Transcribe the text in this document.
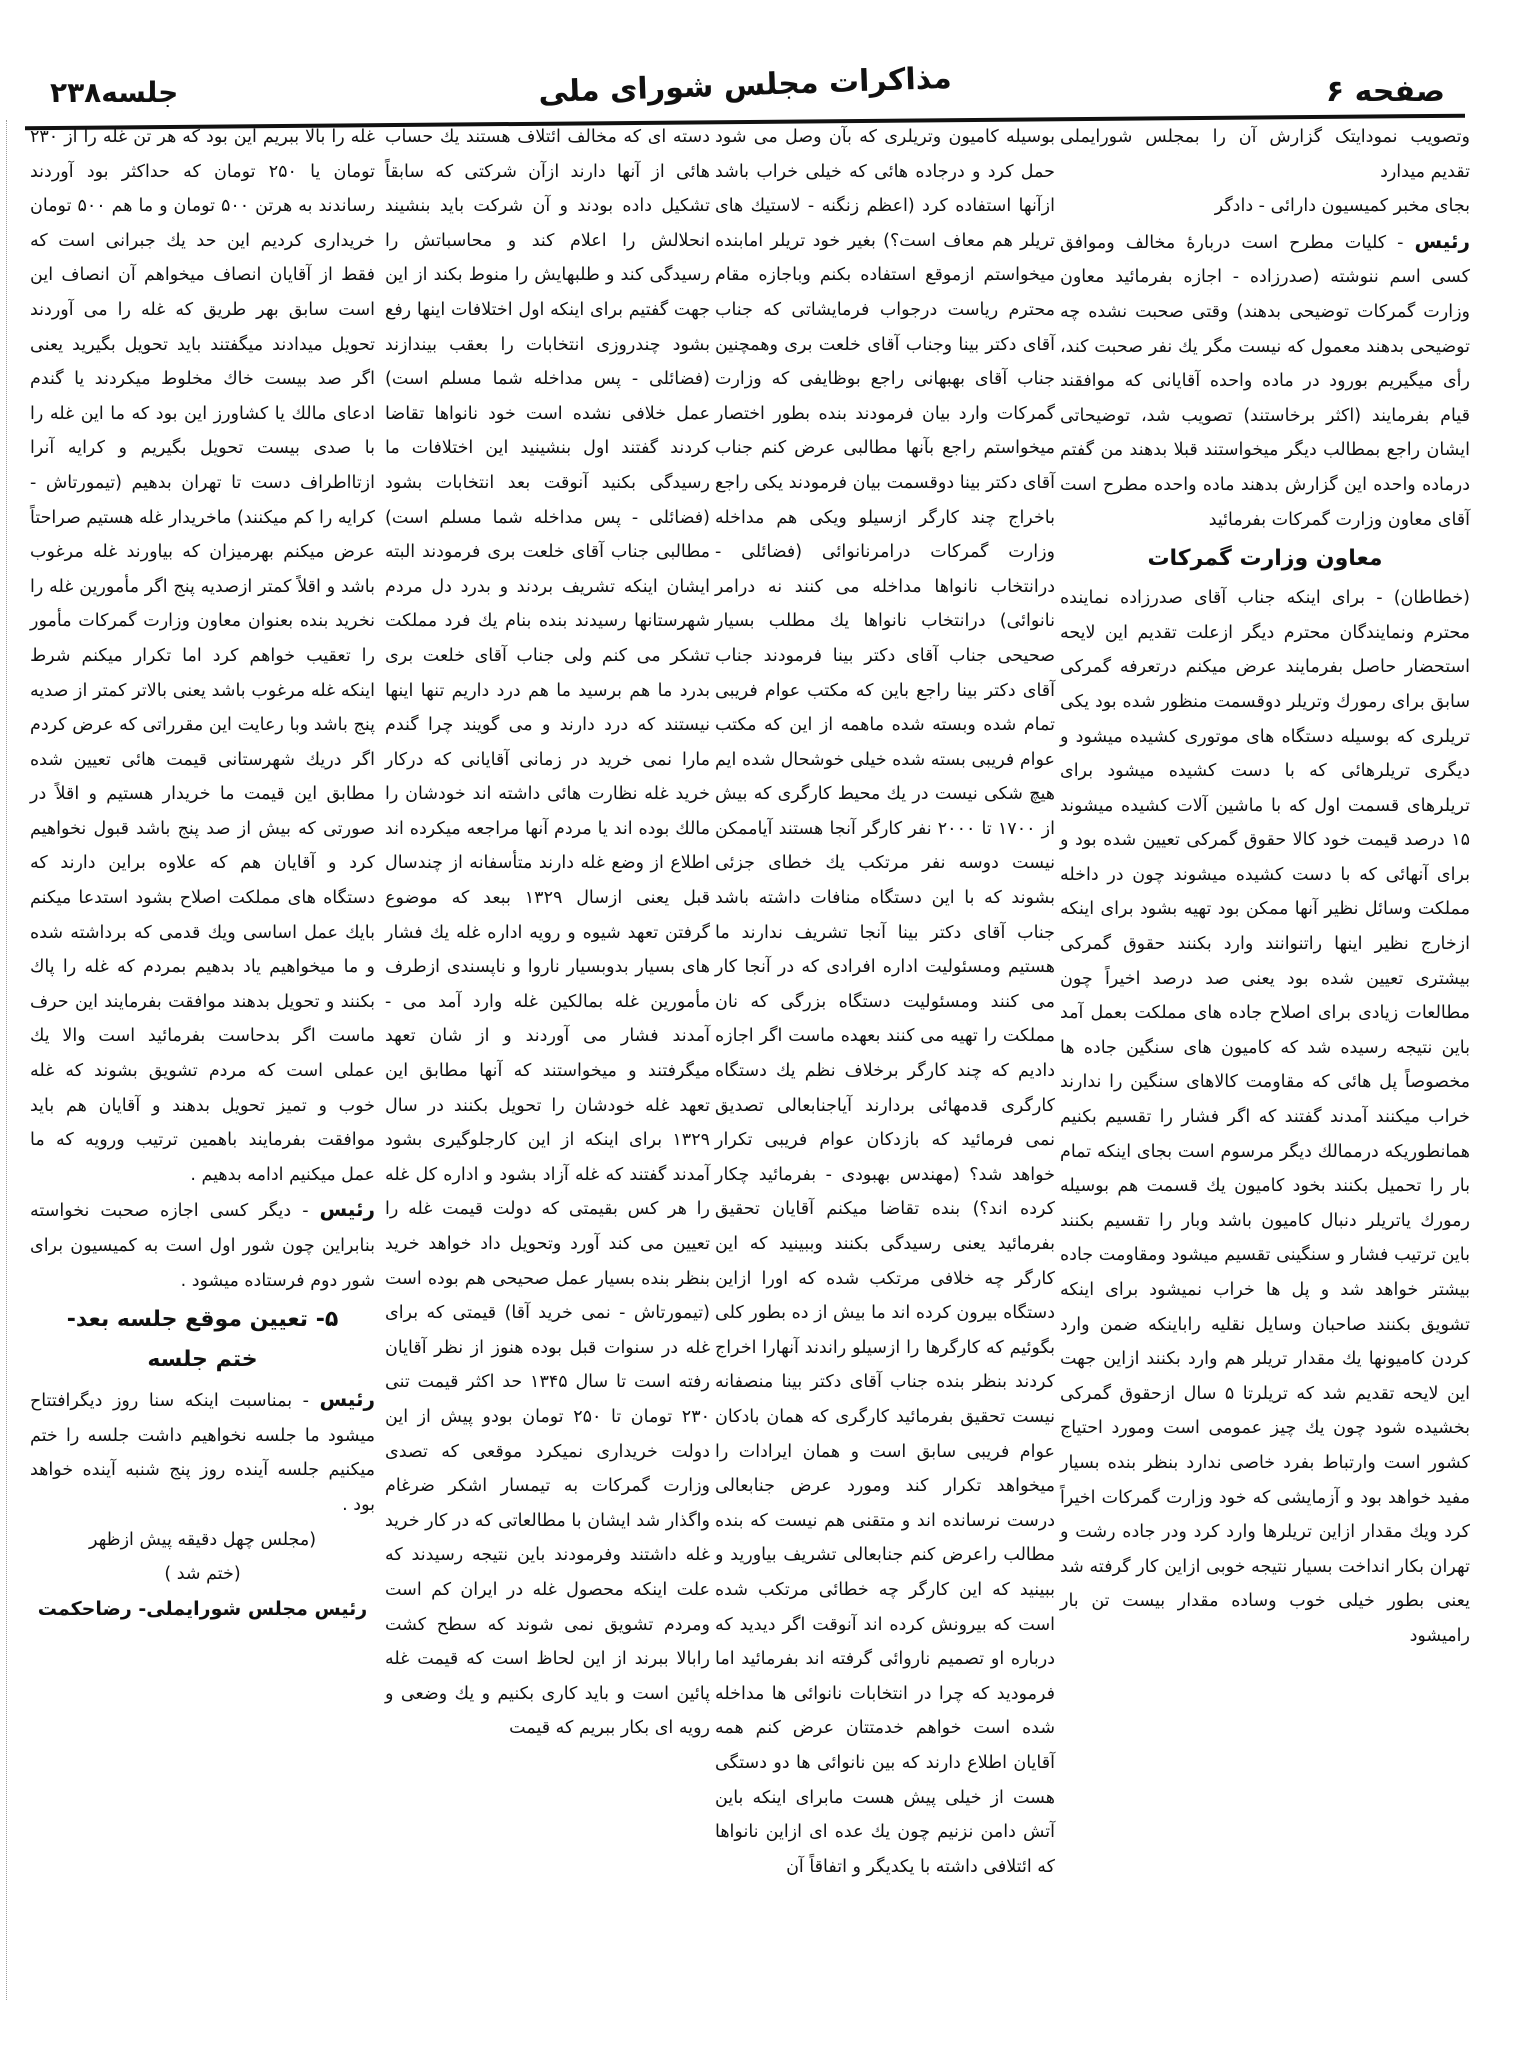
صفحه ۶
مذاکرات مجلس شورای ملی
جلسه۲۳۸

وتصویب نمودایتک گزارش آن را بمجلس شورایملی تقدیم میدارد

بجای مخبر کمیسیون دارائی - دادگر

رئیس - کلیات مطرح است دربارهٔ مخالف وموافق کسی اسم ننوشته (صدرزاده - اجازه بفرمائید معاون وزارت گمرکات توضیحی بدهند) وقتی صحبت نشده چه توضیحی بدهند معمول که نیست مگر یك نفر صحبت کند، رأی میگیریم بورود در ماده واحده آقایانی که موافقند قیام بفرمایند (اکثر برخاستند) تصویب شد، توضیحاتی ایشان راجع بمطالب دیگر میخواستند قبلا بدهند من گفتم درماده واحده این گزارش بدهند ماده واحده مطرح است آقای معاون وزارت گمرکات بفرمائید

معاون وزارت گمرکات

(خطاطان) - برای اینکه جناب آقای صدرزاده نماینده محترم ونمایندگان محترم دیگر ازعلت تقدیم این لایحه استحضار حاصل بفرمایند عرض میکنم درتعرفه گمرکی سابق برای رمورك وتریلر دوقسمت منظور شده بود یکی تریلری که بوسیله دستگاه های موتوری کشیده میشود و دیگری تریلرهائی که با دست کشیده میشود برای تریلرهای قسمت اول که با ماشین آلات کشیده میشوند ۱۵ درصد قیمت خود کالا حقوق گمرکی تعیین شده بود و برای آنهائی که با دست کشیده میشوند چون در داخله مملکت وسائل نظیر آنها ممکن بود تهیه بشود برای اینکه ازخارج نظیر اینها راتنوانند وارد بکنند حقوق گمرکی بیشتری تعیین شده بود یعنی صد درصد اخیراً چون مطالعات زیادی برای اصلاح جاده های مملکت بعمل آمد باین نتیجه رسیده شد که کامیون های سنگین جاده ها مخصوصاً پل هائی که مقاومت کالاهای سنگین را ندارند خراب میکنند آمدند گفتند که اگر فشار را تقسیم بکنیم همانطوریکه درممالك دیگر مرسوم است بجای اینکه تمام بار را تحمیل بکنند بخود کامیون یك قسمت هم بوسیله رمورك یاتریلر دنبال کامیون باشد وبار را تقسیم بکنند باین ترتیب فشار و سنگینی تقسیم میشود ومقاومت جاده بیشتر خواهد شد و پل ها خراب نمیشود برای اینکه تشویق بکنند صاحبان وسایل نقلیه راباینکه ضمن وارد کردن کامیونها یك مقدار تریلر هم وارد بکنند ازاین جهت این لایحه تقدیم شد که تریلرتا ۵ سال ازحقوق گمرکی بخشیده شود چون یك چیز عمومی است ومورد احتیاج کشور است وارتباط بفرد خاصی ندارد بنظر بنده بسیار مفید خواهد بود و آزمایشی که خود وزارت گمرکات اخیراً کرد ویك مقدار ازاین تریلرها وارد کرد ودر جاده رشت و تهران بکار انداخت بسیار نتیجه خوبی ازاین کار گرفته شد یعنی بطور خیلی خوب وساده مقدار بیست تن بار رامیشود

بوسیله کامیون وتریلری که بآن وصل می شود حمل کرد و درجاده هائی که خیلی خراب باشد ازآنها استفاده کرد (اعظم زنگنه - لاستیك های تریلر هم معاف است؟) بغیر خود تریلر امابنده میخواستم ازموقع استفاده بکنم وباجازه مقام محترم ریاست درجواب فرمایشاتی که جناب آقای دکتر بینا وجناب آقای خلعت بری وهمچنین جناب آقای بهبهانی راجع بوظایفی که وزارت گمرکات وارد بیان فرمودند بنده بطور اختصار میخواستم راجع بآنها مطالبی عرض کنم جناب آقای دکتر بینا دوقسمت بیان فرمودند یکی راجع باخراج چند کارگر ازسیلو ویکی هم مداخله وزارت گمرکات درامرنانوائی (فضائلی - درانتخاب نانواها مداخله می کنند نه درامر نانوائی) درانتخاب نانواها یك مطلب بسیار صحیحی جناب آقای دکتر بینا فرمودند جناب آقای دکتر بینا راجع باین که مکتب عوام فریبی تمام شده وبسته شده ماهمه از این که مکتب عوام فریبی بسته شده خیلی خوشحال شده ایم هیچ شکی نیست در یك محیط کارگری که بیش از ۱۷۰۰ تا ۲۰۰۰ نفر کارگر آنجا هستند آیاممکن نیست دوسه نفر مرتکب یك خطای جزئی بشوند که با این دستگاه منافات داشته باشد جناب آقای دکتر بینا آنجا تشریف ندارند ما هستیم ومسئولیت اداره افرادی که در آنجا کار می کنند ومسئولیت دستگاه بزرگی که نان مملکت را تهیه می کنند بعهده ماست اگر اجازه دادیم که چند کارگر برخلاف نظم یك دستگاه کارگری قدمهائی بردارند آیاجنابعالی تصدیق نمی فرمائید که بازدکان عوام فریبی تکرار خواهد شد؟ (مهندس بهبودی - بفرمائید چکار کرده اند؟) بنده تقاضا میکنم آقایان تحقیق بفرمائید یعنی رسیدگی بکنند وببینید که این کارگر چه خلافی مرتکب شده که اورا ازاین دستگاه بیرون کرده اند ما بیش از ده بطور کلی بگوئیم که کارگرها را ازسیلو راندند آنهارا اخراج کردند بنظر بنده جناب آقای دکتر بینا منصفانه نیست تحقیق بفرمائید کارگری که همان بادکان عوام فریبی سابق است و همان ایرادات را میخواهد تکرار کند ومورد عرض جنابعالی درست نرسانده اند و متقنی هم نیست که بنده مطالب راعرض کنم جنابعالی تشریف بیاورید و ببینید که این کارگر چه خطائی مرتکب شده است که بیرونش کرده اند آنوقت اگر دیدید که درباره او تصمیم ناروائی گرفته اند بفرمائید اما فرمودید که چرا در انتخابات نانوائی ها مداخله شده است خواهم خدمتتان عرض کنم همه آقایان اطلاع دارند که بین نانوائی ها دو دستگی هست از خیلی پیش هست مابرای اینکه باین آتش دامن نزنیم چون یك عده ای ازاین نانواها که ائتلافی داشته با یکدیگر و اتفاقاً آن

دسته ای که مخالف ائتلاف هستند یك حساب هائی از آنها دارند ازآن شرکتی که سابقاً تشکیل داده بودند و آن شرکت باید بنشیند انحلالش را اعلام کند و محاسباتش را رسیدگی کند و طلبهایش را منوط بکند از این جهت گفتیم برای اینکه اول اختلافات اینها رفع بشود چندروزی انتخابات را بعقب بیندازند (فضائلی - پس مداخله شما مسلم است) عمل خلافی نشده است خود نانواها تقاضا کردند گفتند اول بنشینید این اختلافات ما رسیدگی بکنید آنوقت بعد انتخابات بشود (فضائلی - پس مداخله شما مسلم است) مطالبی جناب آقای خلعت بری فرمودند البته ایشان اینکه تشریف بردند و بدرد دل مردم شهرستانها رسیدند بنده بنام یك فرد مملکت تشکر می کنم ولی جناب آقای خلعت بری بدرد ما هم برسید ما هم درد داریم تنها اینها نیستند که درد دارند و می گویند چرا گندم مارا نمی خرید در زمانی آقایانی که درکار خرید غله نظارت هائی داشته اند خودشان را مالك بوده اند یا مردم آنها مراجعه میکرده اند اطلاع از وضع غله دارند متأسفانه از چندسال قبل یعنی ازسال ۱۳۲۹ ببعد که موضوع گرفتن تعهد شیوه و رویه اداره غله یك فشار های بسیار بدوبسیار ناروا و ناپسندی ازطرف مأمورین غله بمالکین غله وارد آمد می - آمدند فشار می آوردند و از شان تعهد میگرفتند و میخواستند که آنها مطابق این تعهد غله خودشان را تحویل بکنند در سال ۱۳۲۹ برای اینکه از این کارجلوگیری بشود آمدند گفتند که غله آزاد بشود و اداره کل غله را هر کس بقیمتی که دولت قیمت غله را تعیین می کند آورد وتحویل داد خواهد خرید بنظر بنده بسیار عمل صحیحی هم بوده است (تیمورتاش - نمی خرید آقا) قیمتی که برای غله در سنوات قبل بوده هنوز از نظر آقایان رفته است تا سال ۱۳۴۵ حد اکثر قیمت تنی ۲۳۰ تومان تا ۲۵۰ تومان بودو پیش از این دولت خریداری نمیکرد موقعی که تصدی وزارت گمرکات به تیمسار اشکر ضرغام واگذار شد ایشان با مطالعاتی که در کار خرید غله داشتند وفرمودند باین نتیجه رسیدند که علت اینکه محصول غله در ایران کم است ومردم تشویق نمی شوند که سطح کشت رابالا ببرند از این لحاظ است که قیمت غله پائین است و باید کاری بکنیم و یك وضعی و رویه ای بکار ببریم که قیمت

غله را بالا ببریم این بود که هر تن غله را از ۲۳۰ تومان یا ۲۵۰ تومان که حداکثر بود آوردند رساندند به هرتن ۵۰۰ تومان و ما هم ۵۰۰ تومان خریداری کردیم این حد یك جبرانی است که فقط از آقایان انصاف میخواهم آن انصاف این است سابق بهر طریق که غله را می آوردند تحویل میدادند میگفتند باید تحویل بگیرید یعنی اگر صد بیست خاك مخلوط میکردند یا گندم ادعای مالك یا کشاورز این بود که ما این غله را با صدی بیست تحویل بگیریم و کرایه آنرا ازتااطراف دست تا تهران بدهیم (تیمورتاش - کرایه را کم میکنند) ماخریدار غله هستیم صراحتاً عرض میکنم بهرمیزان که بیاورند غله مرغوب باشد و اقلاً کمتر ازصدیه پنج اگر مأمورین غله را نخرید بنده بعنوان معاون وزارت گمرکات مأمور را تعقیب خواهم کرد اما تکرار میکنم شرط اینکه غله مرغوب باشد یعنی بالاتر کمتر از صدیه پنج باشد وبا رعایت این مقرراتی که عرض کردم اگر دریك شهرستانی قیمت هائی تعیین شده مطابق این قیمت ما خریدار هستیم و اقلاً در صورتی که بیش از صد پنج باشد قبول نخواهیم کرد و آقایان هم که علاوه براین دارند که دستگاه های مملکت اصلاح بشود استدعا میکنم بایك عمل اساسی ویك قدمی که برداشته شده و ما میخواهیم یاد بدهیم بمردم که غله را پاك بکنند و تحویل بدهند موافقت بفرمایند این حرف ماست اگر بدحاست بفرمائید است والا یك عملی است که مردم تشویق بشوند که غله خوب و تمیز تحویل بدهند و آقایان هم باید موافقت بفرمایند باهمین ترتیب ورویه که ما عمل میکنیم ادامه بدهیم .

رئیس - دیگر کسی اجازه صحبت نخواسته بنابراین چون شور اول است به کمیسیون برای شور دوم فرستاده میشود .

۵- تعیین موقع جلسه بعد-

ختم جلسه

رئیس - بمناسبت اینکه سنا روز دیگرافتتاح میشود ما جلسه نخواهیم داشت جلسه را ختم میکنیم جلسه آینده روز پنج شنبه آینده خواهد بود .

(مجلس چهل دقیقه پیش ازظهر

(ختم شد )

رئیس مجلس شورایملی- رضاحکمت
